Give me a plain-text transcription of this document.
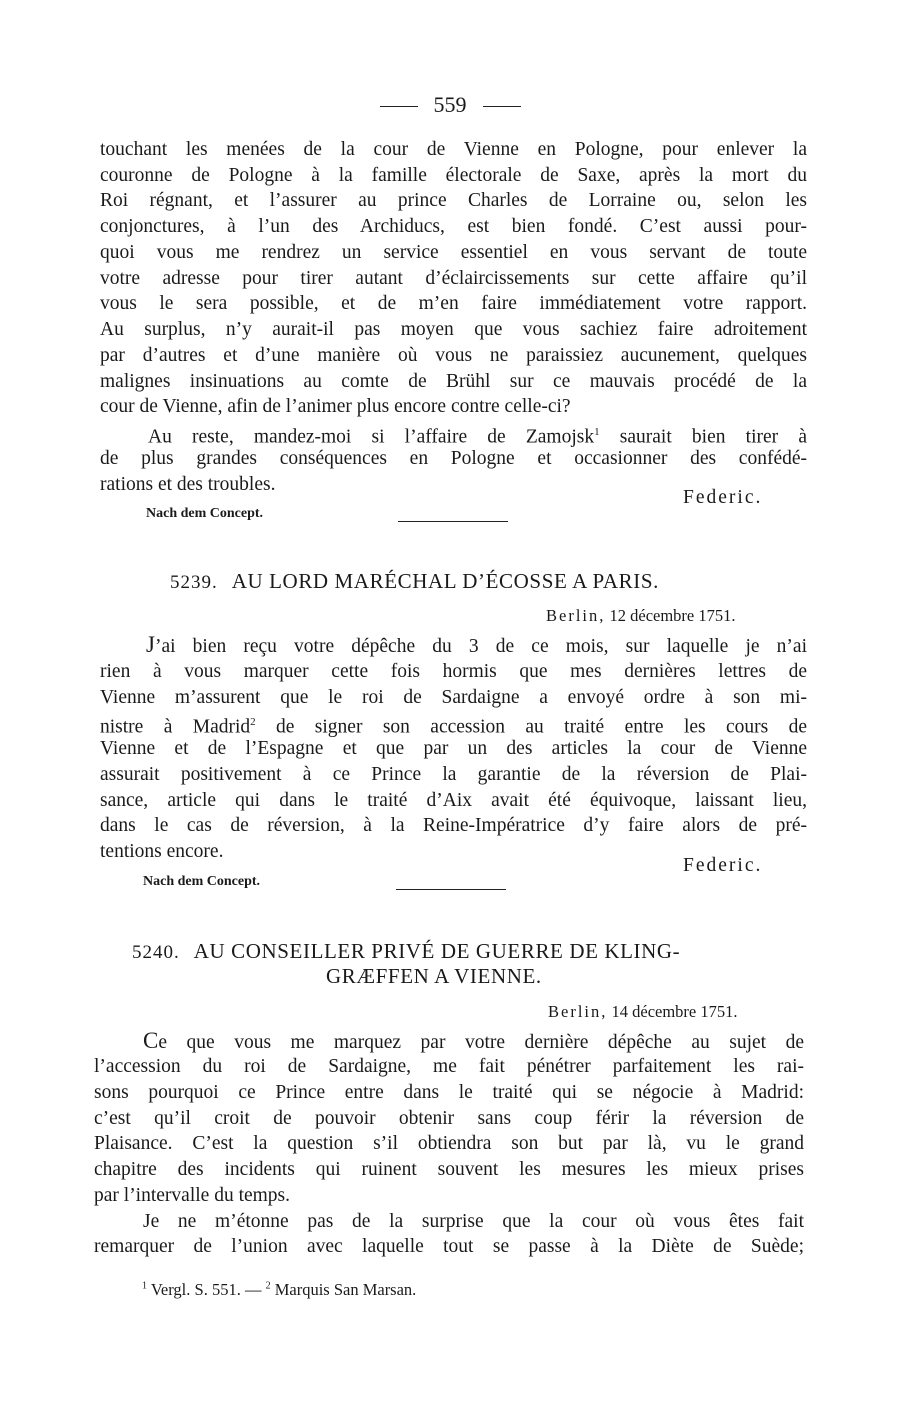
559
touchant les menées de la cour de Vienne en Pologne, pour enlever la
couronne de Pologne à la famille électorale de Saxe, après la mort du
Roi régnant, et l’assurer au prince Charles de Lorraine ou, selon les
conjonctures, à l’un des Archiducs, est bien fondé. C’est aussi pour-
quoi vous me rendrez un service essentiel en vous servant de toute
votre adresse pour tirer autant d’éclaircissements sur cette affaire qu’il
vous le sera possible, et de m’en faire immédiatement votre rapport.
Au surplus, n’y aurait-il pas moyen que vous sachiez faire adroitement
par d’autres et d’une manière où vous ne paraissiez aucunement, quelques
malignes insinuations au comte de Brühl sur ce mauvais procédé de la
cour de Vienne, afin de l’animer plus encore contre celle-ci?
Au reste, mandez-moi si l’affaire de Zamojsk$^1$ saurait bien tirer à
de plus grandes conséquences en Pologne et occasionner des confédé-
rations et des troubles.
Federic.
Nach dem Concept.
5239. AU LORD MARÉCHAL D’ÉCOSSE A PARIS.
Berlin, 12 décembre 1751.
J’ai bien reçu votre dépêche du 3 de ce mois, sur laquelle je n’ai
rien à vous marquer cette fois hormis que mes dernières lettres de
Vienne m’assurent que le roi de Sardaigne a envoyé ordre à son mi-
nistre à Madrid$^2$ de signer son accession au traité entre les cours de
Vienne et de l’Espagne et que par un des articles la cour de Vienne
assurait positivement à ce Prince la garantie de la réversion de Plai-
sance, article qui dans le traité d’Aix avait été équivoque, laissant lieu,
dans le cas de réversion, à la Reine-Impératrice d’y faire alors de pré-
tentions encore.
Federic.
Nach dem Concept.
5240. AU CONSEILLER PRIVÉ DE GUERRE DE KLING-
GRÆFFEN A VIENNE.
Berlin, 14 décembre 1751.
Ce que vous me marquez par votre dernière dépêche au sujet de
l’accession du roi de Sardaigne, me fait pénétrer parfaitement les rai-
sons pourquoi ce Prince entre dans le traité qui se négocie à Madrid:
c’est qu’il croit de pouvoir obtenir sans coup férir la réversion de
Plaisance. C’est la question s’il obtiendra son but par là, vu le grand
chapitre des incidents qui ruinent souvent les mesures les mieux prises
par l’intervalle du temps.
Je ne m’étonne pas de la surprise que la cour où vous êtes fait
remarquer de l’union avec laquelle tout se passe à la Diète de Suède;
$^1$ Vergl. S. 551. — $^2$ Marquis San Marsan.
